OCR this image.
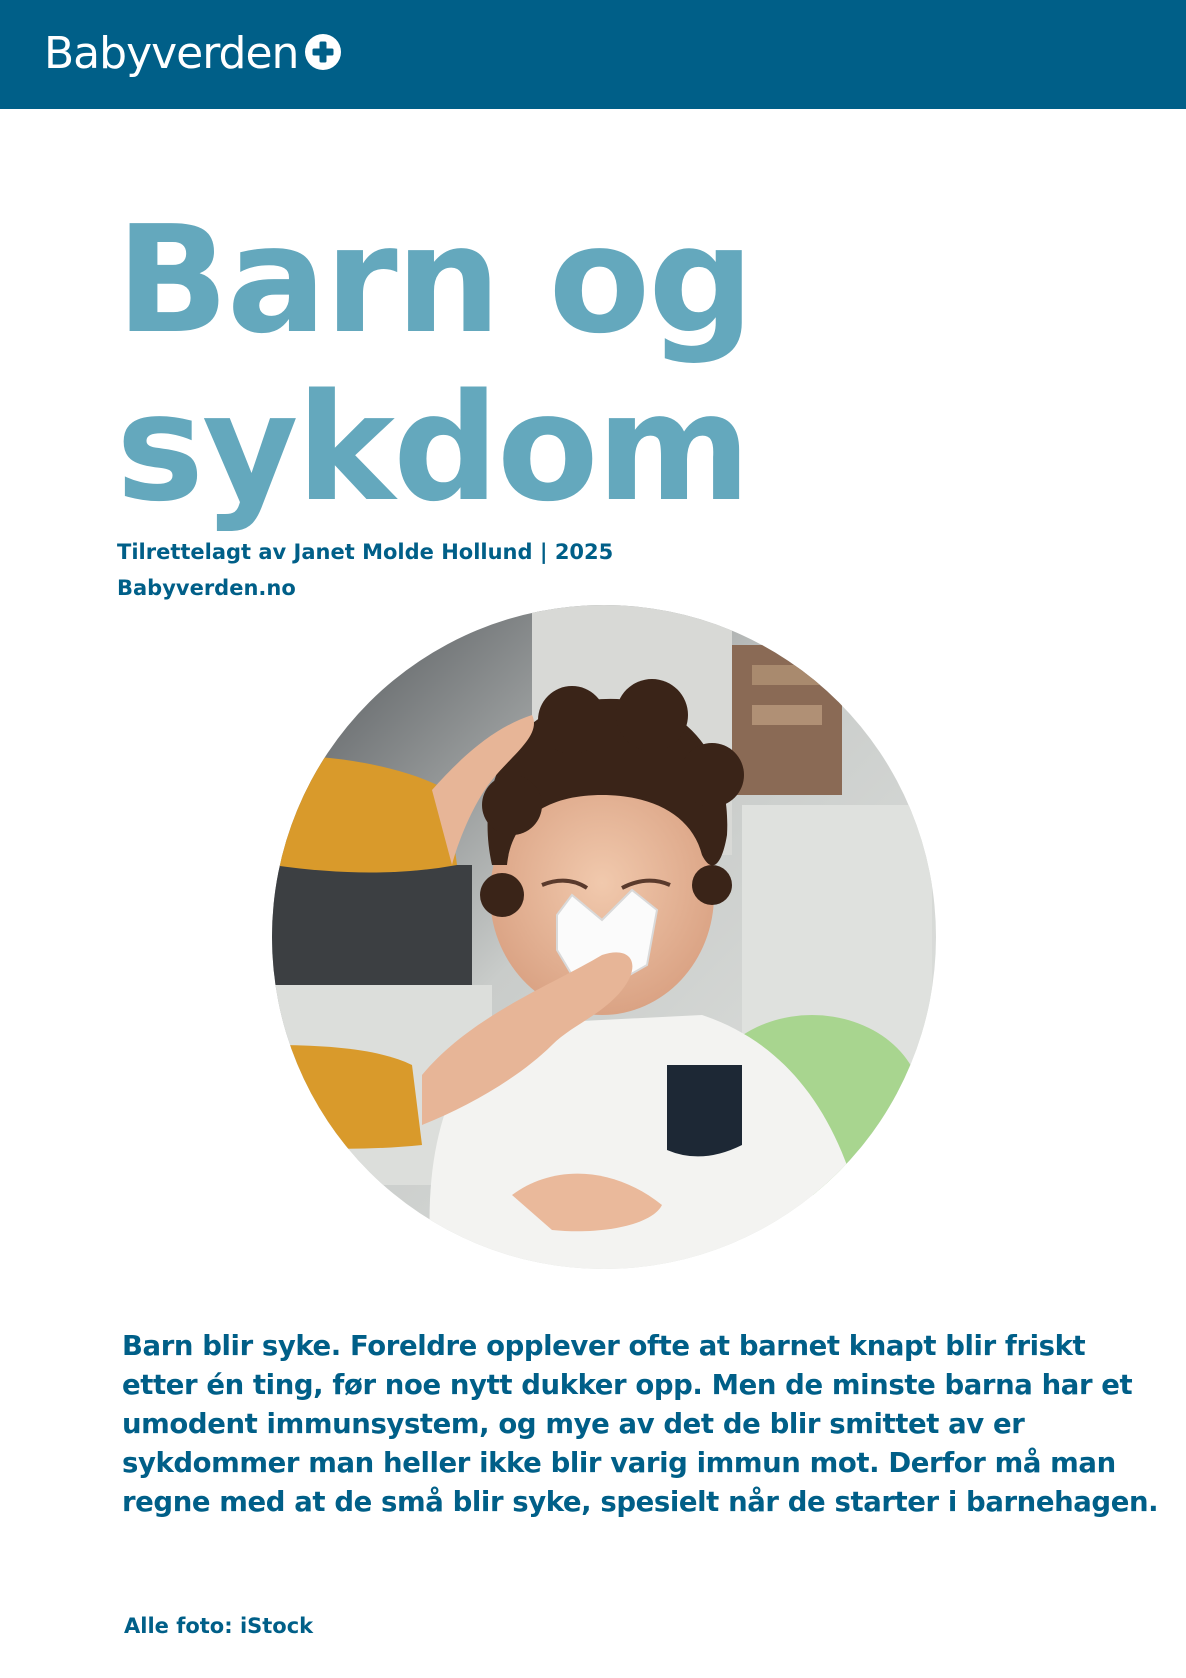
Babyverden
Barn og
sykdom
Tilrettelagt av Janet Molde Hollund | 2025
Babyverden.no

Barn blir syke. Foreldre opplever ofte at barnet knapt blir friskt
etter én ting, før noe nytt dukker opp. Men de minste barna har et
umodent immunsystem, og mye av det de blir smittet av er
sykdommer man heller ikke blir varig immun mot. Derfor må man
regne med at de små blir syke, spesielt når de starter i barnehagen.

Alle foto: iStock
